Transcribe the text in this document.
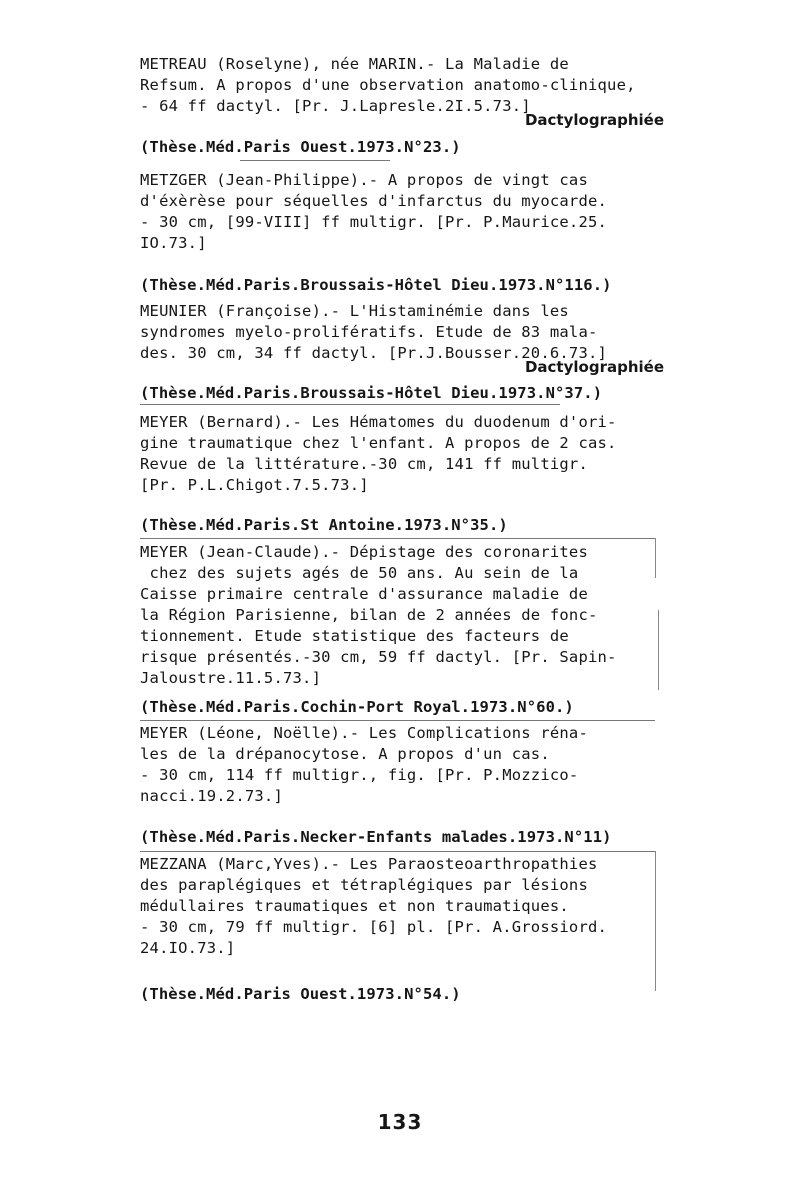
METREAU (Roselyne), née MARIN.- La Maladie de
Refsum. A propos d'une observation anatomo-clinique,
- 64 ff dactyl. [Pr. J.Lapresle.2I.5.73.]
Dactylographiée
(Thèse.Méd.Paris Ouest.1973.N°23.)
METZGER (Jean-Philippe).- A propos de vingt cas
d'éxèrèse pour séquelles d'infarctus du myocarde.
- 30 cm, [99-VIII] ff multigr. [Pr. P.Maurice.25.
IO.73.]
(Thèse.Méd.Paris.Broussais-Hôtel Dieu.1973.N°116.)
MEUNIER (Françoise).- L'Histaminémie dans les
syndromes myelo-prolifératifs. Etude de 83 mala-
des. 30 cm, 34 ff dactyl. [Pr.J.Bousser.20.6.73.]
Dactylographiée
(Thèse.Méd.Paris.Broussais-Hôtel Dieu.1973.N°37.)
MEYER (Bernard).- Les Hématomes du duodenum d'ori-
gine traumatique chez l'enfant. A propos de 2 cas.
Revue de la littérature.-30 cm, 141 ff multigr.
[Pr. P.L.Chigot.7.5.73.]
(Thèse.Méd.Paris.St Antoine.1973.N°35.)
MEYER (Jean-Claude).- Dépistage des coronarites
chez des sujets agés de 50 ans. Au sein de la
Caisse primaire centrale d'assurance maladie de
la Région Parisienne, bilan de 2 années de fonc-
tionnement. Etude statistique des facteurs de
risque présentés.-30 cm, 59 ff dactyl. [Pr. Sapin-
Jaloustre.11.5.73.]
(Thèse.Méd.Paris.Cochin-Port Royal.1973.N°60.)
MEYER (Léone, Noëlle).- Les Complications réna-
les de la drépanocytose. A propos d'un cas.
- 30 cm, 114 ff multigr., fig. [Pr. P.Mozzico-
nacci.19.2.73.]
(Thèse.Méd.Paris.Necker-Enfants malades.1973.N°11)
MEZZANA (Marc,Yves).- Les Paraosteoarthropathies
des paraplégiques et tétraplégiques par lésions
médullaires traumatiques et non traumatiques.
- 30 cm, 79 ff multigr. [6] pl. [Pr. A.Grossiord.
24.IO.73.]
(Thèse.Méd.Paris Ouest.1973.N°54.)
133
